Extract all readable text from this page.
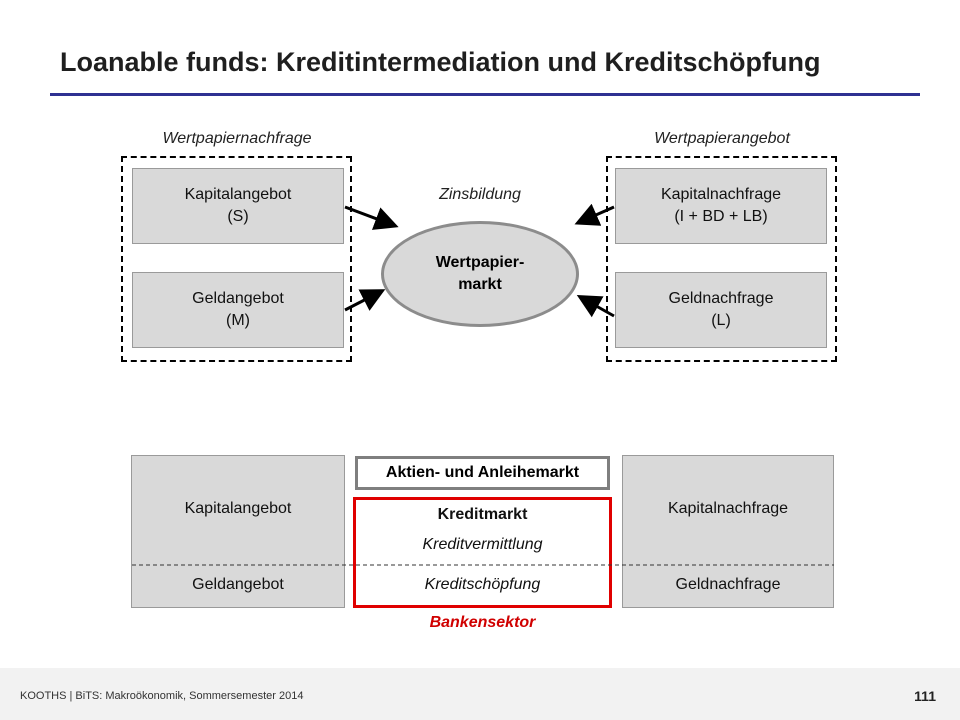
Loanable funds: Kreditintermediation und Kreditschöpfung
Wertpapiernachfrage	Wertpapierangebot
Zinsbildung
Kapitalangebot
(S)
Geldangebot
(M)
Kapitalnachfrage
(I + BD + LB)
Geldnachfrage
(L)
Wertpapier-
markt
Aktien- und Anleihemarkt
Kapitalangebot
Geldangebot
Kapitalnachfrage
Geldnachfrage
Kreditmarkt
Kreditvermittlung
Kreditschöpfung
Bankensektor
KOOTHS | BiTS: Makroökonomik, Sommersemester 2014	111
